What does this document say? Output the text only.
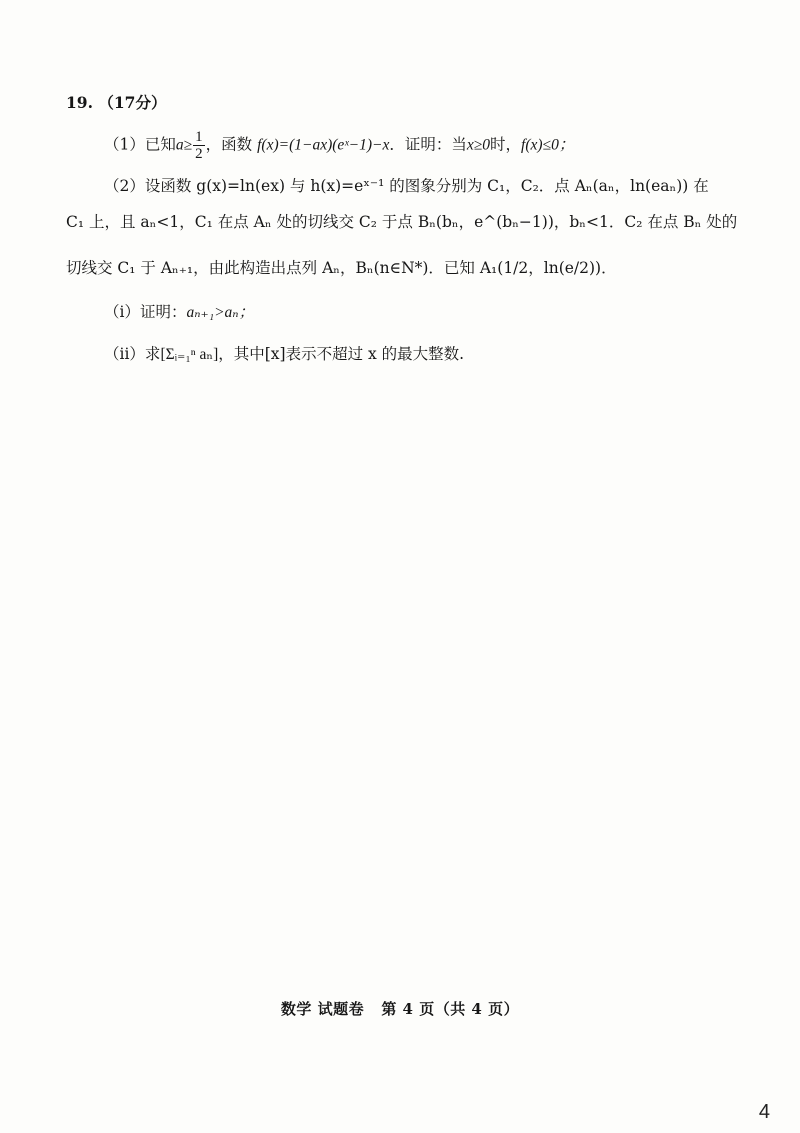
19. （17分）
（1）已知$a\ge \frac{1}{2}$ ，函数 f(x)=(1−ax)(eˣ−1)−x．证明：当x≥0时，f(x)≤0；
（2）设函数 g(x)=ln(ex) 与 h(x)=eˣ⁻¹ 的图象分别为 C₁，C₂．点 Aₙ(aₙ，ln(eaₙ)) 在
C₁ 上，且 aₙ<1，C₁ 在点 Aₙ 处的切线交 C₂ 于点 Bₙ(bₙ，e^(bₙ−1))，bₙ<1．C₂ 在点 Bₙ 处的
切线交 C₁ 于 Aₙ₊₁，由此构造出点列 Aₙ，Bₙ(n∈N*)．已知 A₁(1/2，ln(e/2))．
（i）证明：aₙ₊₁>aₙ；
（ii）求[Σᵢ₌₁ⁿ aₙ]，其中[x]表示不超过 x 的最大整数.
数学 试题卷 第 4 页（共 4 页）
4
